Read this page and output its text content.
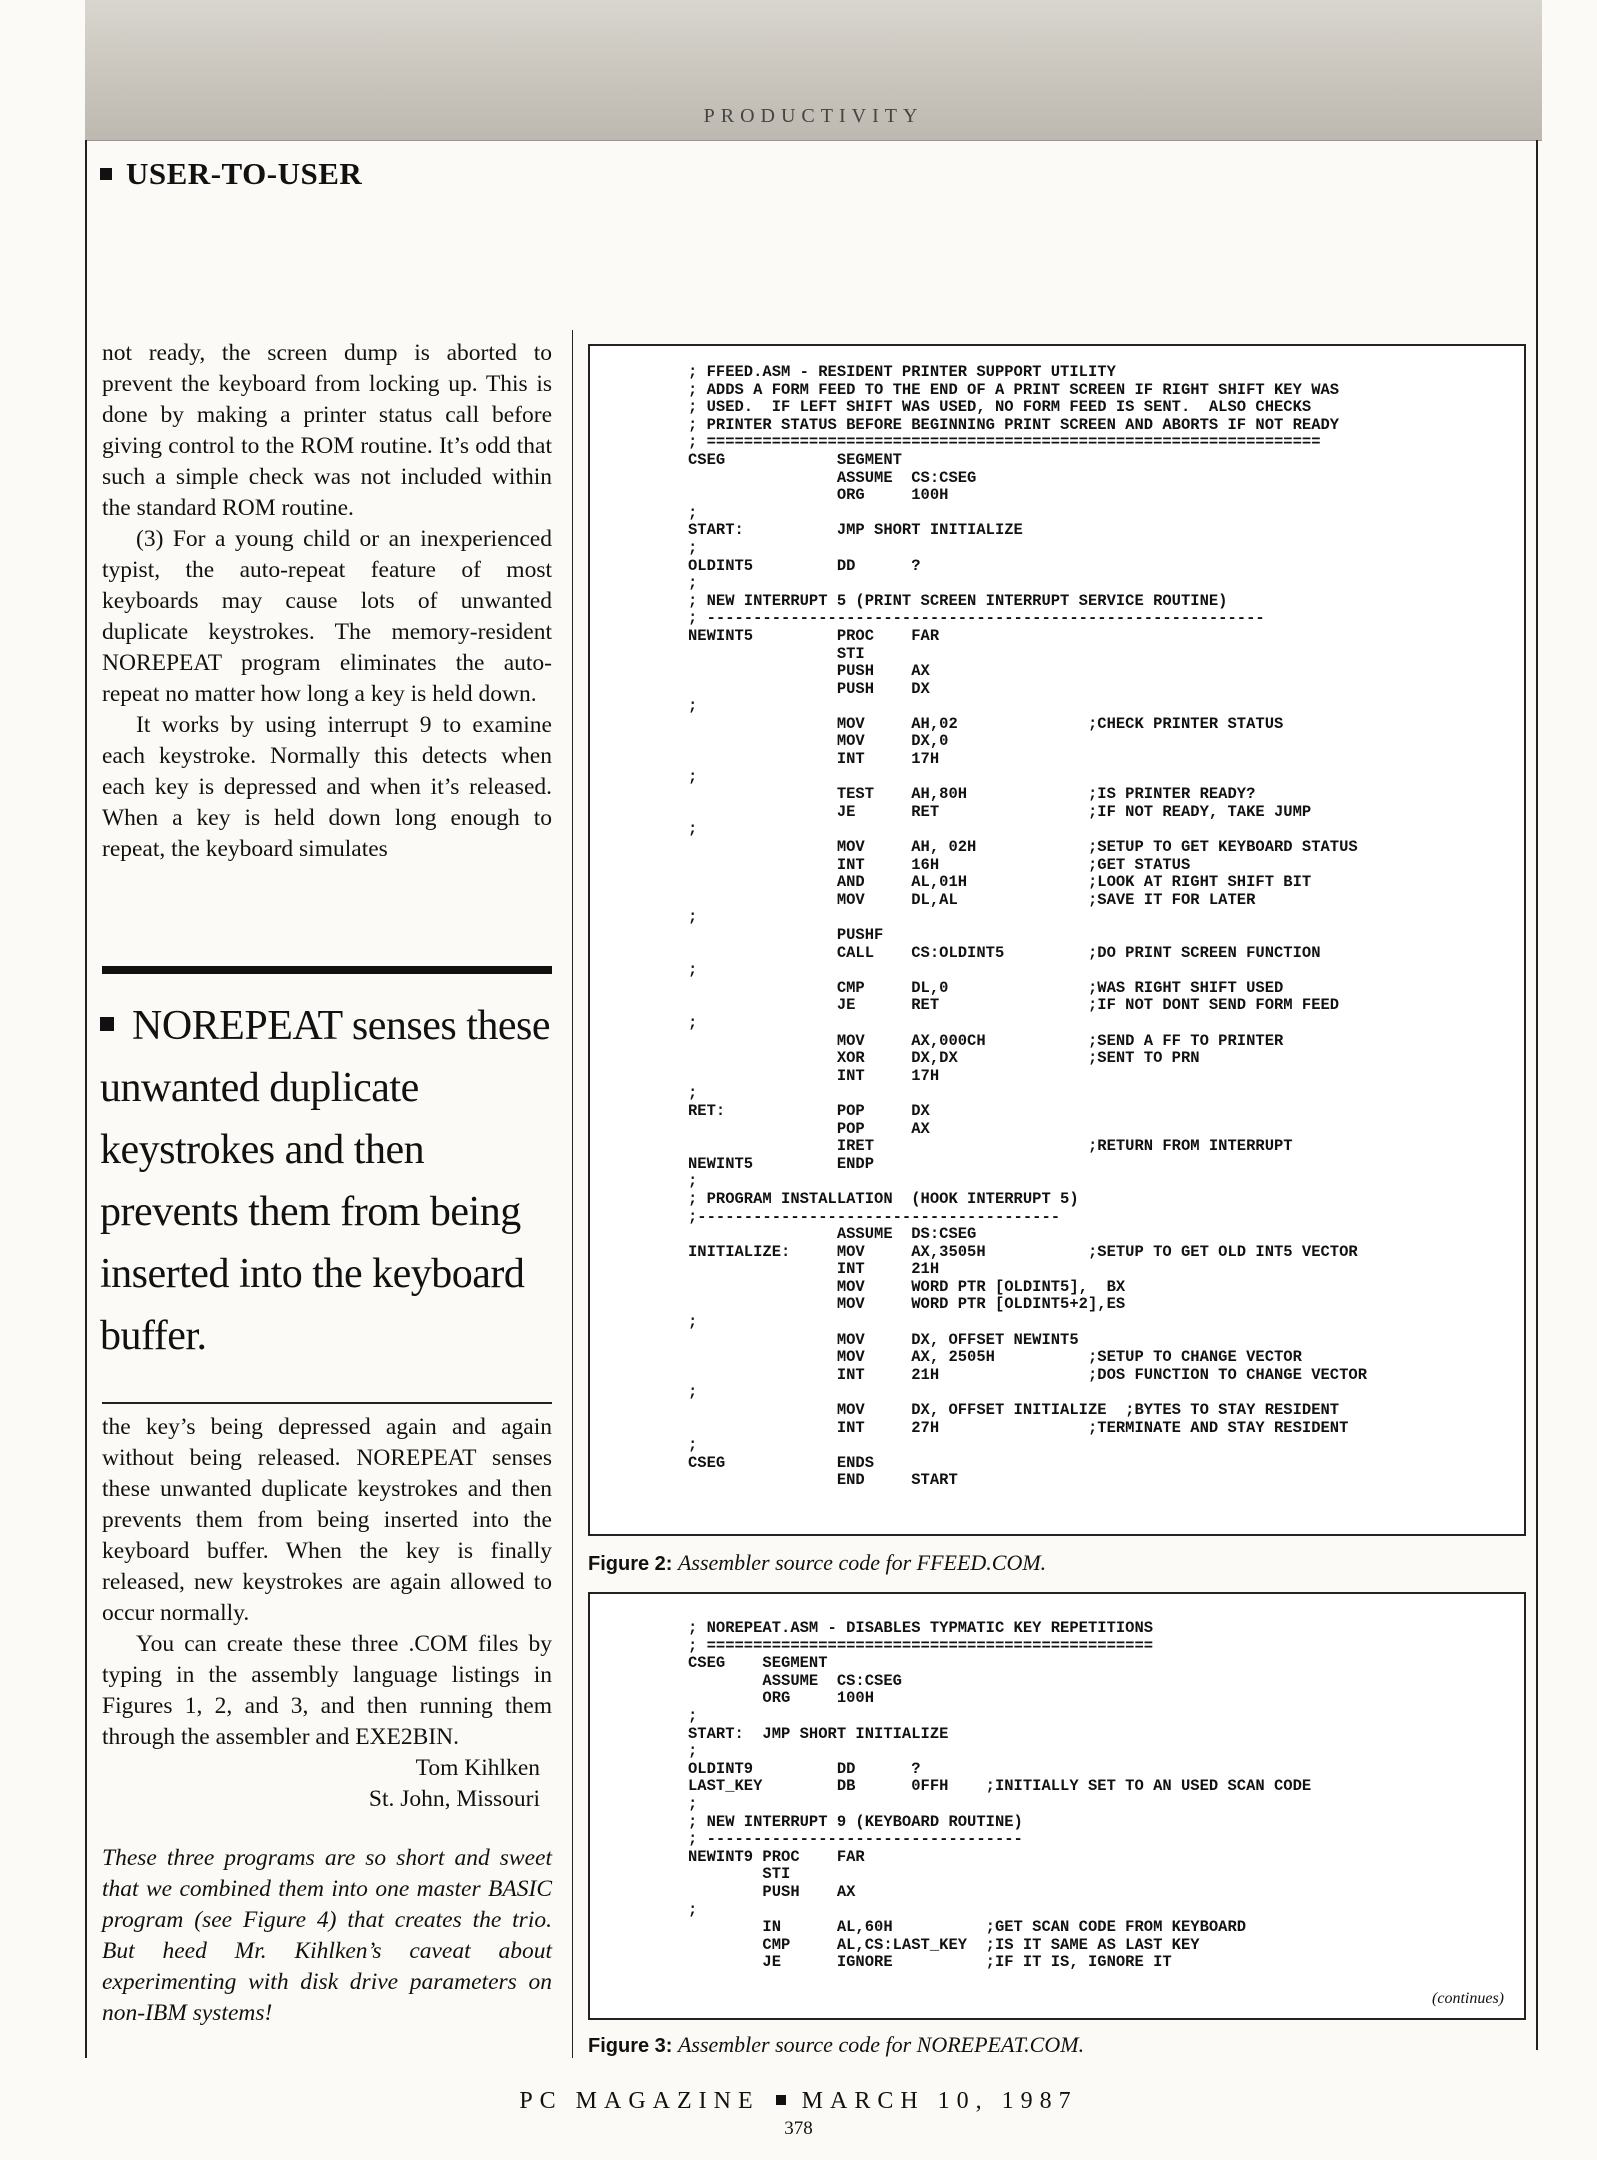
PRODUCTIVITY
USER-TO-USER

not ready, the screen dump is aborted to prevent the keyboard from locking up. This is done by making a printer status call before giving control to the ROM routine. It’s odd that such a simple check was not included within the standard ROM routine.

(3) For a young child or an inexperienced typist, the auto-repeat feature of most keyboards may cause lots of unwanted duplicate keystrokes. The memory-resident NOREPEAT program eliminates the auto-repeat no matter how long a key is held down.

It works by using interrupt 9 to examine each keystroke. Normally this detects when each key is depressed and when it’s released. When a key is held down long enough to repeat, the keyboard simulates

NOREPEAT senses these unwanted duplicate keystrokes and then prevents them from being inserted into the keyboard buffer.

the key’s being depressed again and again without being released. NOREPEAT senses these unwanted duplicate keystrokes and then prevents them from being inserted into the keyboard buffer. When the key is finally released, new keystrokes are again allowed to occur normally.

You can create these three .COM files by typing in the assembly language listings in Figures 1, 2, and 3, and then running them through the assembler and EXE2BIN.

Tom Kihlken

St. John, Missouri

These three programs are so short and sweet that we combined them into one master BASIC program (see Figure 4) that creates the trio. But heed Mr. Kihlken’s caveat about experimenting with disk drive parameters on non-IBM systems!

; FFEED.ASM - RESIDENT PRINTER SUPPORT UTILITY
; ADDS A FORM FEED TO THE END OF A PRINT SCREEN IF RIGHT SHIFT KEY WAS
; USED.  IF LEFT SHIFT WAS USED, NO FORM FEED IS SENT.  ALSO CHECKS
; PRINTER STATUS BEFORE BEGINNING PRINT SCREEN AND ABORTS IF NOT READY
; ==================================================================
CSEG            SEGMENT
ASSUME  CS:CSEG
ORG     100H
;
START:          JMP SHORT INITIALIZE
;
OLDINT5         DD      ?
;
; NEW INTERRUPT 5 (PRINT SCREEN INTERRUPT SERVICE ROUTINE)
; ------------------------------------------------------------
NEWINT5         PROC    FAR
STI
PUSH    AX
PUSH    DX
;
MOV     AH,02              ;CHECK PRINTER STATUS
MOV     DX,0
INT     17H
;
TEST    AH,80H             ;IS PRINTER READY?
JE      RET                ;IF NOT READY, TAKE JUMP
;
MOV     AH, 02H            ;SETUP TO GET KEYBOARD STATUS
INT     16H                ;GET STATUS
AND     AL,01H             ;LOOK AT RIGHT SHIFT BIT
MOV     DL,AL              ;SAVE IT FOR LATER
;
PUSHF
CALL    CS:OLDINT5         ;DO PRINT SCREEN FUNCTION
;
CMP     DL,0               ;WAS RIGHT SHIFT USED
JE      RET                ;IF NOT DONT SEND FORM FEED
;
MOV     AX,000CH           ;SEND A FF TO PRINTER
XOR     DX,DX              ;SENT TO PRN
INT     17H
;
RET:            POP     DX
POP     AX
IRET                       ;RETURN FROM INTERRUPT
NEWINT5         ENDP
;
; PROGRAM INSTALLATION  (HOOK INTERRUPT 5)
;---------------------------------------
ASSUME  DS:CSEG
INITIALIZE:     MOV     AX,3505H           ;SETUP TO GET OLD INT5 VECTOR
INT     21H
MOV     WORD PTR [OLDINT5],  BX
MOV     WORD PTR [OLDINT5+2],ES
;
MOV     DX, OFFSET NEWINT5
MOV     AX, 2505H          ;SETUP TO CHANGE VECTOR
INT     21H                ;DOS FUNCTION TO CHANGE VECTOR
;
MOV     DX, OFFSET INITIALIZE  ;BYTES TO STAY RESIDENT
INT     27H                ;TERMINATE AND STAY RESIDENT
;
CSEG            ENDS
END     START
Figure 2: Assembler source code for FFEED.COM.
; NOREPEAT.ASM - DISABLES TYPMATIC KEY REPETITIONS
; ================================================
CSEG    SEGMENT
ASSUME  CS:CSEG
ORG     100H
;
START:  JMP SHORT INITIALIZE
;
OLDINT9         DD      ?
LAST_KEY        DB      0FFH    ;INITIALLY SET TO AN USED SCAN CODE
;
; NEW INTERRUPT 9 (KEYBOARD ROUTINE)
; ----------------------------------
NEWINT9 PROC    FAR
STI
PUSH    AX
;
IN      AL,60H          ;GET SCAN CODE FROM KEYBOARD
CMP     AL,CS:LAST_KEY  ;IS IT SAME AS LAST KEY
JE      IGNORE          ;IF IT IS, IGNORE IT
(continues)
Figure 3: Assembler source code for NOREPEAT.COM.
PC MAGAZINE MARCH 10, 1987
378
